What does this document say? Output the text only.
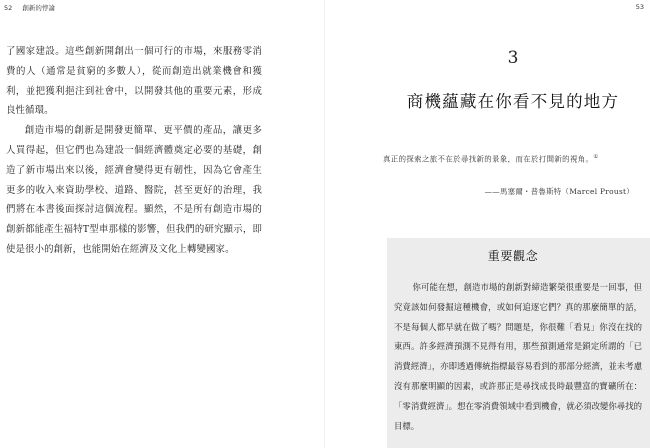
52 創新的悖論

了國家建設。這些創新開創出一個可行的市場，來服務零消費的人（通常是貧窮的多數人），從而創造出就業機會和獲利，並把獲利挹注到社會中，以開發其他的重要元素，形成良性循環。

創造市場的創新是開發更簡單、更平價的產品，讓更多人買得起，但它們也為建設一個經濟體奠定必要的基礎，創造了新市場出來以後，經濟會變得更有韌性，因為它會產生更多的收入來資助學校、道路、醫院，甚至更好的治理，我們將在本書後面探討這個流程。顯然，不是所有創造市場的創新都能產生福特T型車那樣的影響，但我們的研究顯示，即使是很小的創新，也能開始在經濟及文化上轉變國家。

53
3
商機蘊藏在你看不見的地方
真正的探索之旅不在於尋找新的景象，而在於打開新的視角。①
——馬塞爾・普魯斯特（Marcel Proust）
重要觀念

你可能在想，創造市場的創新對締造繁榮很重要是一回事，但究竟該如何發掘這種機會，或如何追逐它們？真的那麼簡單的話，不是每個人都早就在做了嗎？問題是，你很難「看見」你沒在找的東西。許多經濟預測不見得有用，那些預測通常是鎖定所謂的「已消費經濟」，亦即透過傳統指標最容易看到的那部分經濟，並未考慮沒有那麼明顯的因素，或許那正是尋找成長時最豐富的寶礦所在：「零消費經濟」。想在零消費領域中看到機會，就必須改變你尋找的目標。
